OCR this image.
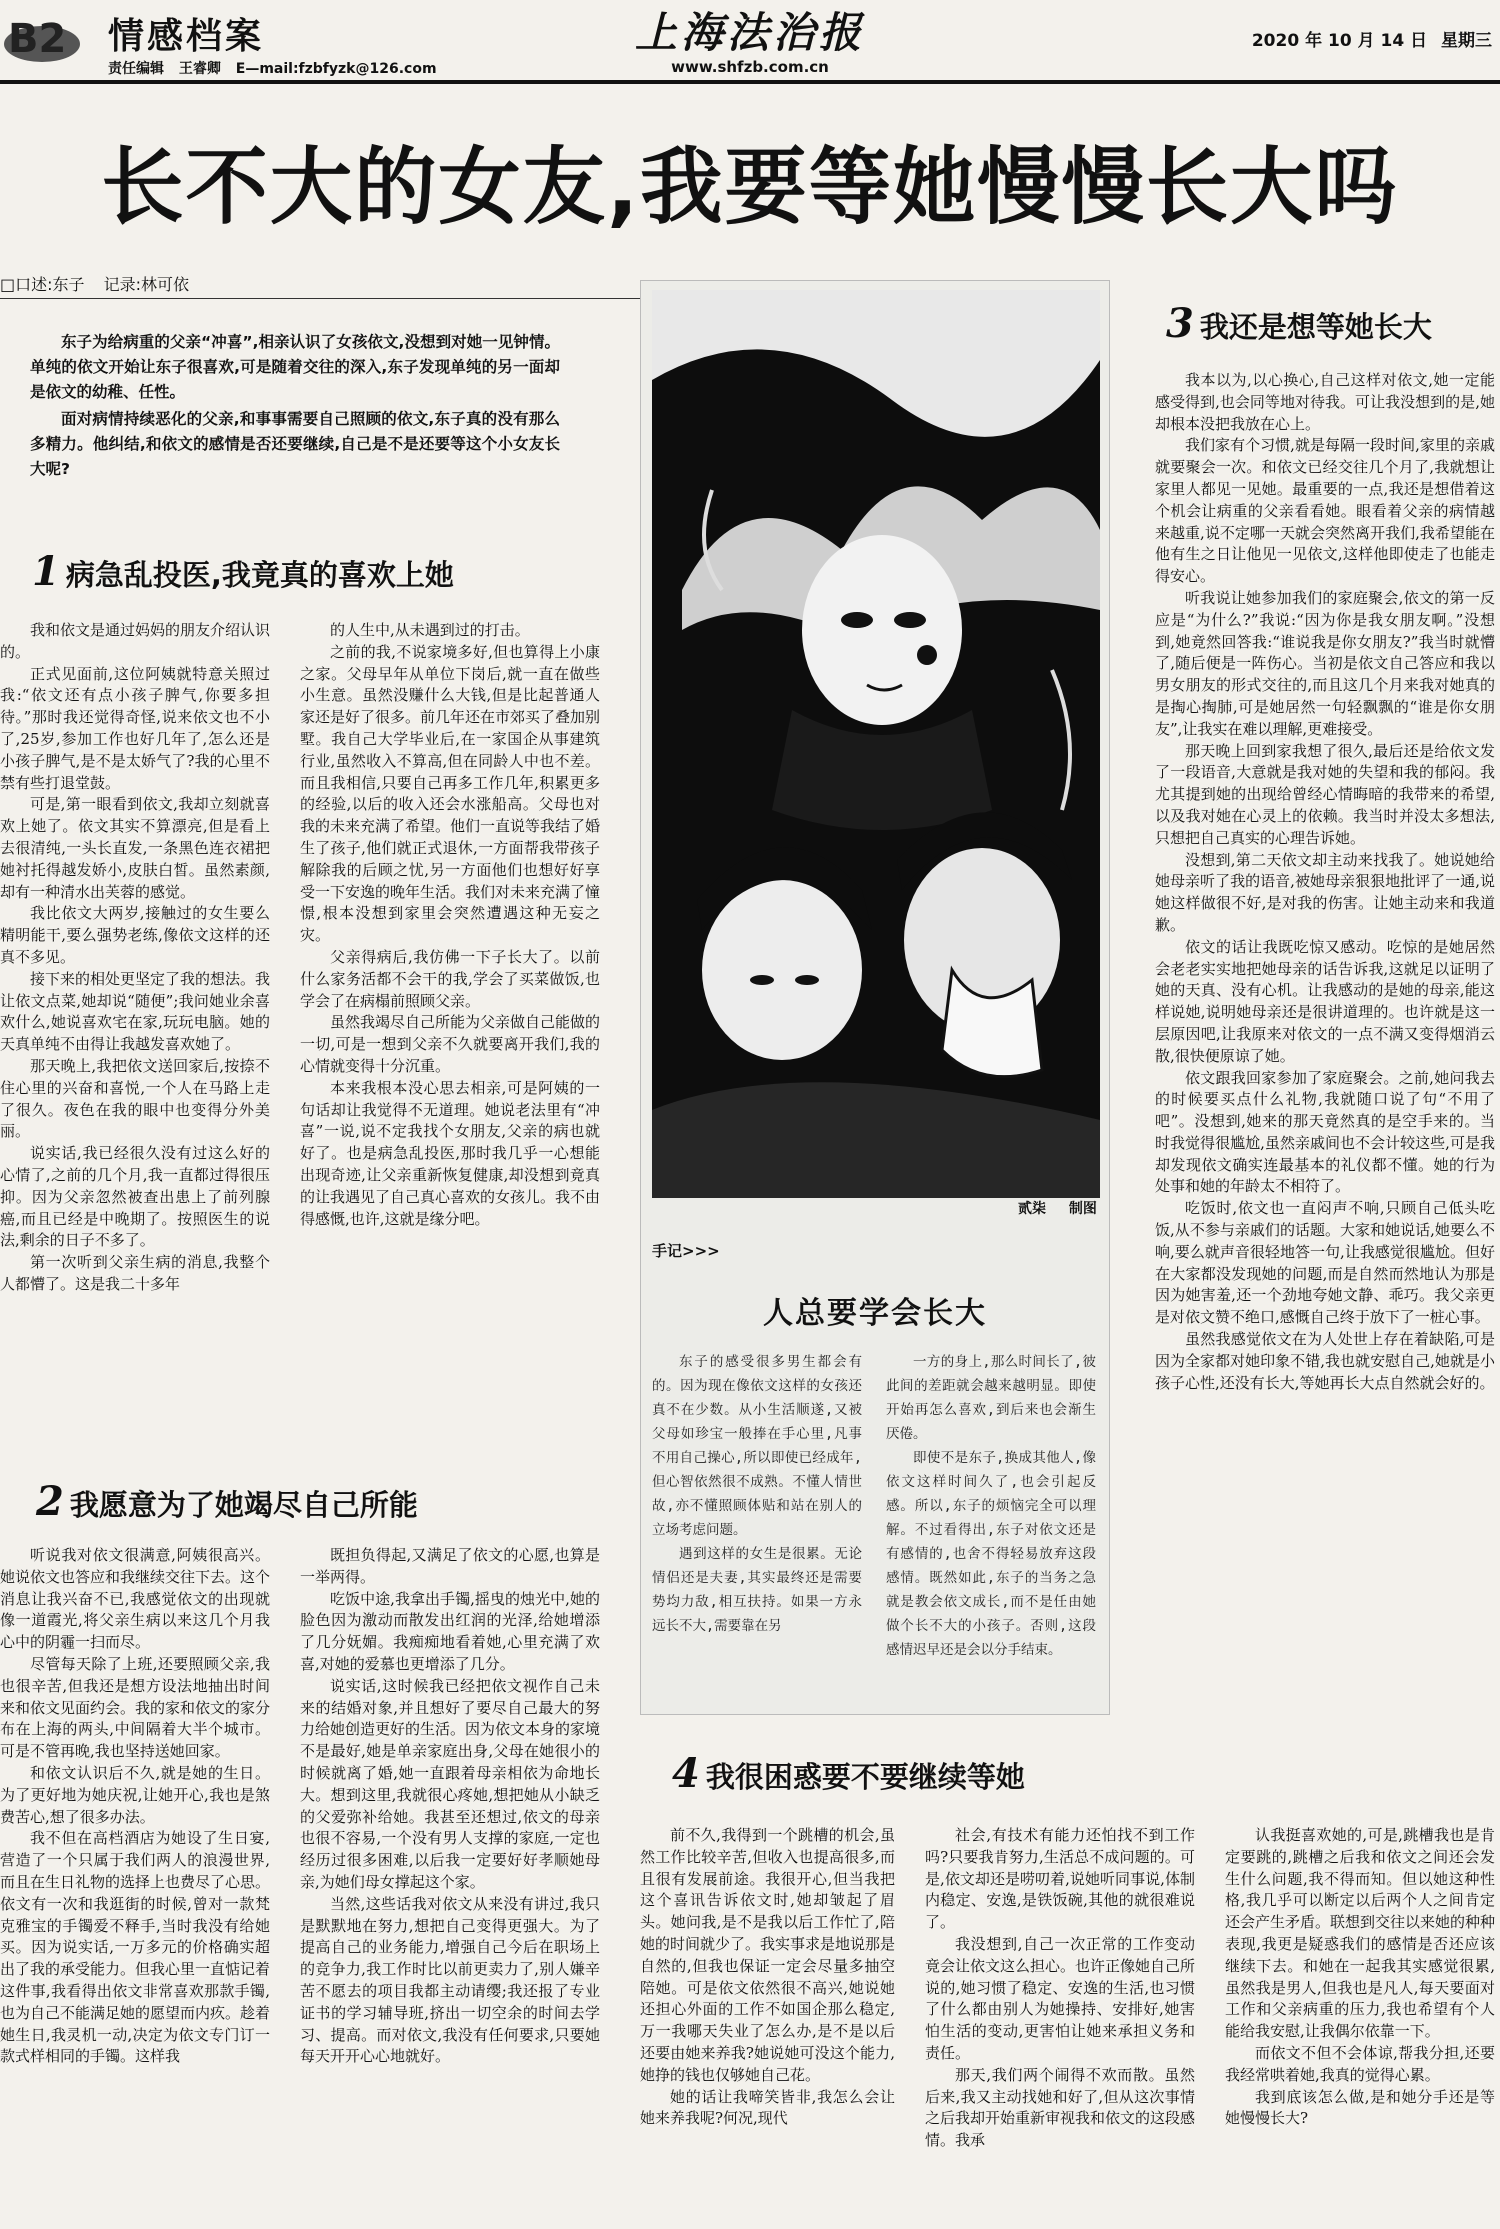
B2 情感档案
责任编辑 王睿卿 E—mail:fzbfyzk@126.com
上海法治报
www.shfzb.com.cn
2020 年 10 月 14 日 星期三
长不大的女友,我要等她慢慢长大吗
□口述:东子 记录:林可依

东子为给病重的父亲“冲喜”,相亲认识了女孩依文,没想到对她一见钟情。单纯的依文开始让东子很喜欢,可是随着交往的深入,东子发现单纯的另一面却是依文的幼稚、任性。

面对病情持续恶化的父亲,和事事需要自己照顾的依文,东子真的没有那么多精力。他纠结,和依文的感情是否还要继续,自己是不是还要等这个小女友长大呢?

1 病急乱投医,我竟真的喜欢上她

我和依文是通过妈妈的朋友介绍认识的。

正式见面前,这位阿姨就特意关照过我:“依文还有点小孩子脾气,你要多担待。”那时我还觉得奇怪,说来依文也不小了,25岁,参加工作也好几年了,怎么还是小孩子脾气,是不是太娇气了?我的心里不禁有些打退堂鼓。

可是,第一眼看到依文,我却立刻就喜欢上她了。依文其实不算漂亮,但是看上去很清纯,一头长直发,一条黑色连衣裙把她衬托得越发娇小,皮肤白皙。虽然素颜,却有一种清水出芙蓉的感觉。

我比依文大两岁,接触过的女生要么精明能干,要么强势老练,像依文这样的还真不多见。

接下来的相处更坚定了我的想法。我让依文点菜,她却说“随便”;我问她业余喜欢什么,她说喜欢宅在家,玩玩电脑。她的天真单纯不由得让我越发喜欢她了。

那天晚上,我把依文送回家后,按捺不住心里的兴奋和喜悦,一个人在马路上走了很久。夜色在我的眼中也变得分外美丽。

说实话,我已经很久没有过这么好的心情了,之前的几个月,我一直都过得很压抑。因为父亲忽然被查出患上了前列腺癌,而且已经是中晚期了。按照医生的说法,剩余的日子不多了。

第一次听到父亲生病的消息,我整个人都懵了。这是我二十多年

的人生中,从未遇到过的打击。

之前的我,不说家境多好,但也算得上小康之家。父母早年从单位下岗后,就一直在做些小生意。虽然没赚什么大钱,但是比起普通人家还是好了很多。前几年还在市郊买了叠加别墅。我自己大学毕业后,在一家国企从事建筑行业,虽然收入不算高,但在同龄人中也不差。而且我相信,只要自己再多工作几年,积累更多的经验,以后的收入还会水涨船高。父母也对我的未来充满了希望。他们一直说等我结了婚生了孩子,他们就正式退休,一方面帮我带孩子解除我的后顾之忧,另一方面他们也想好好享受一下安逸的晚年生活。我们对未来充满了憧憬,根本没想到家里会突然遭遇这种无妄之灾。

父亲得病后,我仿佛一下子长大了。以前什么家务活都不会干的我,学会了买菜做饭,也学会了在病榻前照顾父亲。

虽然我竭尽自己所能为父亲做自己能做的一切,可是一想到父亲不久就要离开我们,我的心情就变得十分沉重。

本来我根本没心思去相亲,可是阿姨的一句话却让我觉得不无道理。她说老法里有“冲喜”一说,说不定我找个女朋友,父亲的病也就好了。也是病急乱投医,那时我几乎一心想能出现奇迹,让父亲重新恢复健康,却没想到竟真的让我遇见了自己真心喜欢的女孩儿。我不由得感慨,也许,这就是缘分吧。

2 我愿意为了她竭尽自己所能

听说我对依文很满意,阿姨很高兴。她说依文也答应和我继续交往下去。这个消息让我兴奋不已,我感觉依文的出现就像一道霞光,将父亲生病以来这几个月我心中的阴霾一扫而尽。

尽管每天除了上班,还要照顾父亲,我也很辛苦,但我还是想方设法地抽出时间来和依文见面约会。我的家和依文的家分布在上海的两头,中间隔着大半个城市。可是不管再晚,我也坚持送她回家。

和依文认识后不久,就是她的生日。为了更好地为她庆祝,让她开心,我也是煞费苦心,想了很多办法。

我不但在高档酒店为她设了生日宴,营造了一个只属于我们两人的浪漫世界,而且在生日礼物的选择上也费尽了心思。依文有一次和我逛街的时候,曾对一款梵克雅宝的手镯爱不释手,当时我没有给她买。因为说实话,一万多元的价格确实超出了我的承受能力。但我心里一直惦记着这件事,我看得出依文非常喜欢那款手镯,也为自己不能满足她的愿望而内疚。趁着她生日,我灵机一动,决定为依文专门订一款式样相同的手镯。这样我

既担负得起,又满足了依文的心愿,也算是一举两得。

吃饭中途,我拿出手镯,摇曳的烛光中,她的脸色因为激动而散发出红润的光泽,给她增添了几分妩媚。我痴痴地看着她,心里充满了欢喜,对她的爱慕也更增添了几分。

说实话,这时候我已经把依文视作自己未来的结婚对象,并且想好了要尽自己最大的努力给她创造更好的生活。因为依文本身的家境不是最好,她是单亲家庭出身,父母在她很小的时候就离了婚,她一直跟着母亲相依为命地长大。想到这里,我就很心疼她,想把她从小缺乏的父爱弥补给她。我甚至还想过,依文的母亲也很不容易,一个没有男人支撑的家庭,一定也经历过很多困难,以后我一定要好好孝顺她母亲,为她们母女撑起这个家。

当然,这些话我对依文从来没有讲过,我只是默默地在努力,想把自己变得更强大。为了提高自己的业务能力,增强自己今后在职场上的竞争力,我工作时比以前更卖力了,别人嫌辛苦不愿去的项目我都主动请缨;我还报了专业证书的学习辅导班,挤出一切空余的时间去学习、提高。而对依文,我没有任何要求,只要她每天开开心心地就好。

贰柒 制图
手记>>>
人总要学会长大

东子的感受很多男生都会有的。因为现在像依文这样的女孩还真不在少数。从小生活顺遂,又被父母如珍宝一般捧在手心里,凡事不用自己操心,所以即使已经成年,但心智依然很不成熟。不懂人情世故,亦不懂照顾体贴和站在别人的立场考虑问题。

遇到这样的女生是很累。无论情侣还是夫妻,其实最终还是需要势均力敌,相互扶持。如果一方永远长不大,需要靠在另

一方的身上,那么时间长了,彼此间的差距就会越来越明显。即使开始再怎么喜欢,到后来也会渐生厌倦。

即使不是东子,换成其他人,像依文这样时间久了,也会引起反感。所以,东子的烦恼完全可以理解。不过看得出,东子对依文还是有感情的,也舍不得轻易放弃这段感情。既然如此,东子的当务之急就是教会依文成长,而不是任由她做个长不大的小孩子。否则,这段感情迟早还是会以分手结束。

3 我还是想等她长大

我本以为,以心换心,自己这样对依文,她一定能感受得到,也会同等地对待我。可让我没想到的是,她却根本没把我放在心上。

我们家有个习惯,就是每隔一段时间,家里的亲戚就要聚会一次。和依文已经交往几个月了,我就想让家里人都见一见她。最重要的一点,我还是想借着这个机会让病重的父亲看看她。眼看着父亲的病情越来越重,说不定哪一天就会突然离开我们,我希望能在他有生之日让他见一见依文,这样他即使走了也能走得安心。

听我说让她参加我们的家庭聚会,依文的第一反应是“为什么?”我说:“因为你是我女朋友啊。”没想到,她竟然回答我:“谁说我是你女朋友?”我当时就懵了,随后便是一阵伤心。当初是依文自己答应和我以男女朋友的形式交往的,而且这几个月来我对她真的是掏心掏肺,可是她居然一句轻飘飘的“谁是你女朋友”,让我实在难以理解,更难接受。

那天晚上回到家我想了很久,最后还是给依文发了一段语音,大意就是我对她的失望和我的郁闷。我尤其提到她的出现给曾经心情晦暗的我带来的希望,以及我对她在心灵上的依赖。我当时并没太多想法,只想把自己真实的心理告诉她。

没想到,第二天依文却主动来找我了。她说她给她母亲听了我的语音,被她母亲狠狠地批评了一通,说她这样做很不好,是对我的伤害。让她主动来和我道歉。

依文的话让我既吃惊又感动。吃惊的是她居然会老老实实地把她母亲的话告诉我,这就足以证明了她的天真、没有心机。让我感动的是她的母亲,能这样说她,说明她母亲还是很讲道理的。也许就是这一层原因吧,让我原来对依文的一点不满又变得烟消云散,很快便原谅了她。

依文跟我回家参加了家庭聚会。之前,她问我去的时候要买点什么礼物,我就随口说了句“不用了吧”。没想到,她来的那天竟然真的是空手来的。当时我觉得很尴尬,虽然亲戚间也不会计较这些,可是我却发现依文确实连最基本的礼仪都不懂。她的行为处事和她的年龄太不相符了。

吃饭时,依文也一直闷声不响,只顾自己低头吃饭,从不参与亲戚们的话题。大家和她说话,她要么不响,要么就声音很轻地答一句,让我感觉很尴尬。但好在大家都没发现她的问题,而是自然而然地认为那是因为她害羞,还一个劲地夸她文静、乖巧。我父亲更是对依文赞不绝口,感慨自己终于放下了一桩心事。

虽然我感觉依文在为人处世上存在着缺陷,可是因为全家都对她印象不错,我也就安慰自己,她就是小孩子心性,还没有长大,等她再长大点自然就会好的。

4 我很困惑要不要继续等她

前不久,我得到一个跳槽的机会,虽然工作比较辛苦,但收入也提高很多,而且很有发展前途。我很开心,但当我把这个喜讯告诉依文时,她却皱起了眉头。她问我,是不是我以后工作忙了,陪她的时间就少了。我实事求是地说那是自然的,但我也保证一定会尽量多抽空陪她。可是依文依然很不高兴,她说她还担心外面的工作不如国企那么稳定,万一我哪天失业了怎么办,是不是以后还要由她来养我?她说她可没这个能力,她挣的钱也仅够她自己花。

她的话让我啼笑皆非,我怎么会让她来养我呢?何况,现代

社会,有技术有能力还怕找不到工作吗?只要我肯努力,生活总不成问题的。可是,依文却还是唠叨着,说她听同事说,体制内稳定、安逸,是铁饭碗,其他的就很难说了。

我没想到,自己一次正常的工作变动竟会让依文这么担心。也许正像她自己所说的,她习惯了稳定、安逸的生活,也习惯了什么都由别人为她操持、安排好,她害怕生活的变动,更害怕让她来承担义务和责任。

那天,我们两个闹得不欢而散。虽然后来,我又主动找她和好了,但从这次事情之后我却开始重新审视我和依文的这段感情。我承

认我挺喜欢她的,可是,跳槽我也是肯定要跳的,跳槽之后我和依文之间还会发生什么问题,我不得而知。但以她这种性格,我几乎可以断定以后两个人之间肯定还会产生矛盾。联想到交往以来她的种种表现,我更是疑惑我们的感情是否还应该继续下去。和她在一起我其实感觉很累,虽然我是男人,但我也是凡人,每天要面对工作和父亲病重的压力,我也希望有个人能给我安慰,让我偶尔依靠一下。

而依文不但不会体谅,帮我分担,还要我经常哄着她,我真的觉得心累。

我到底该怎么做,是和她分手还是等她慢慢长大?
